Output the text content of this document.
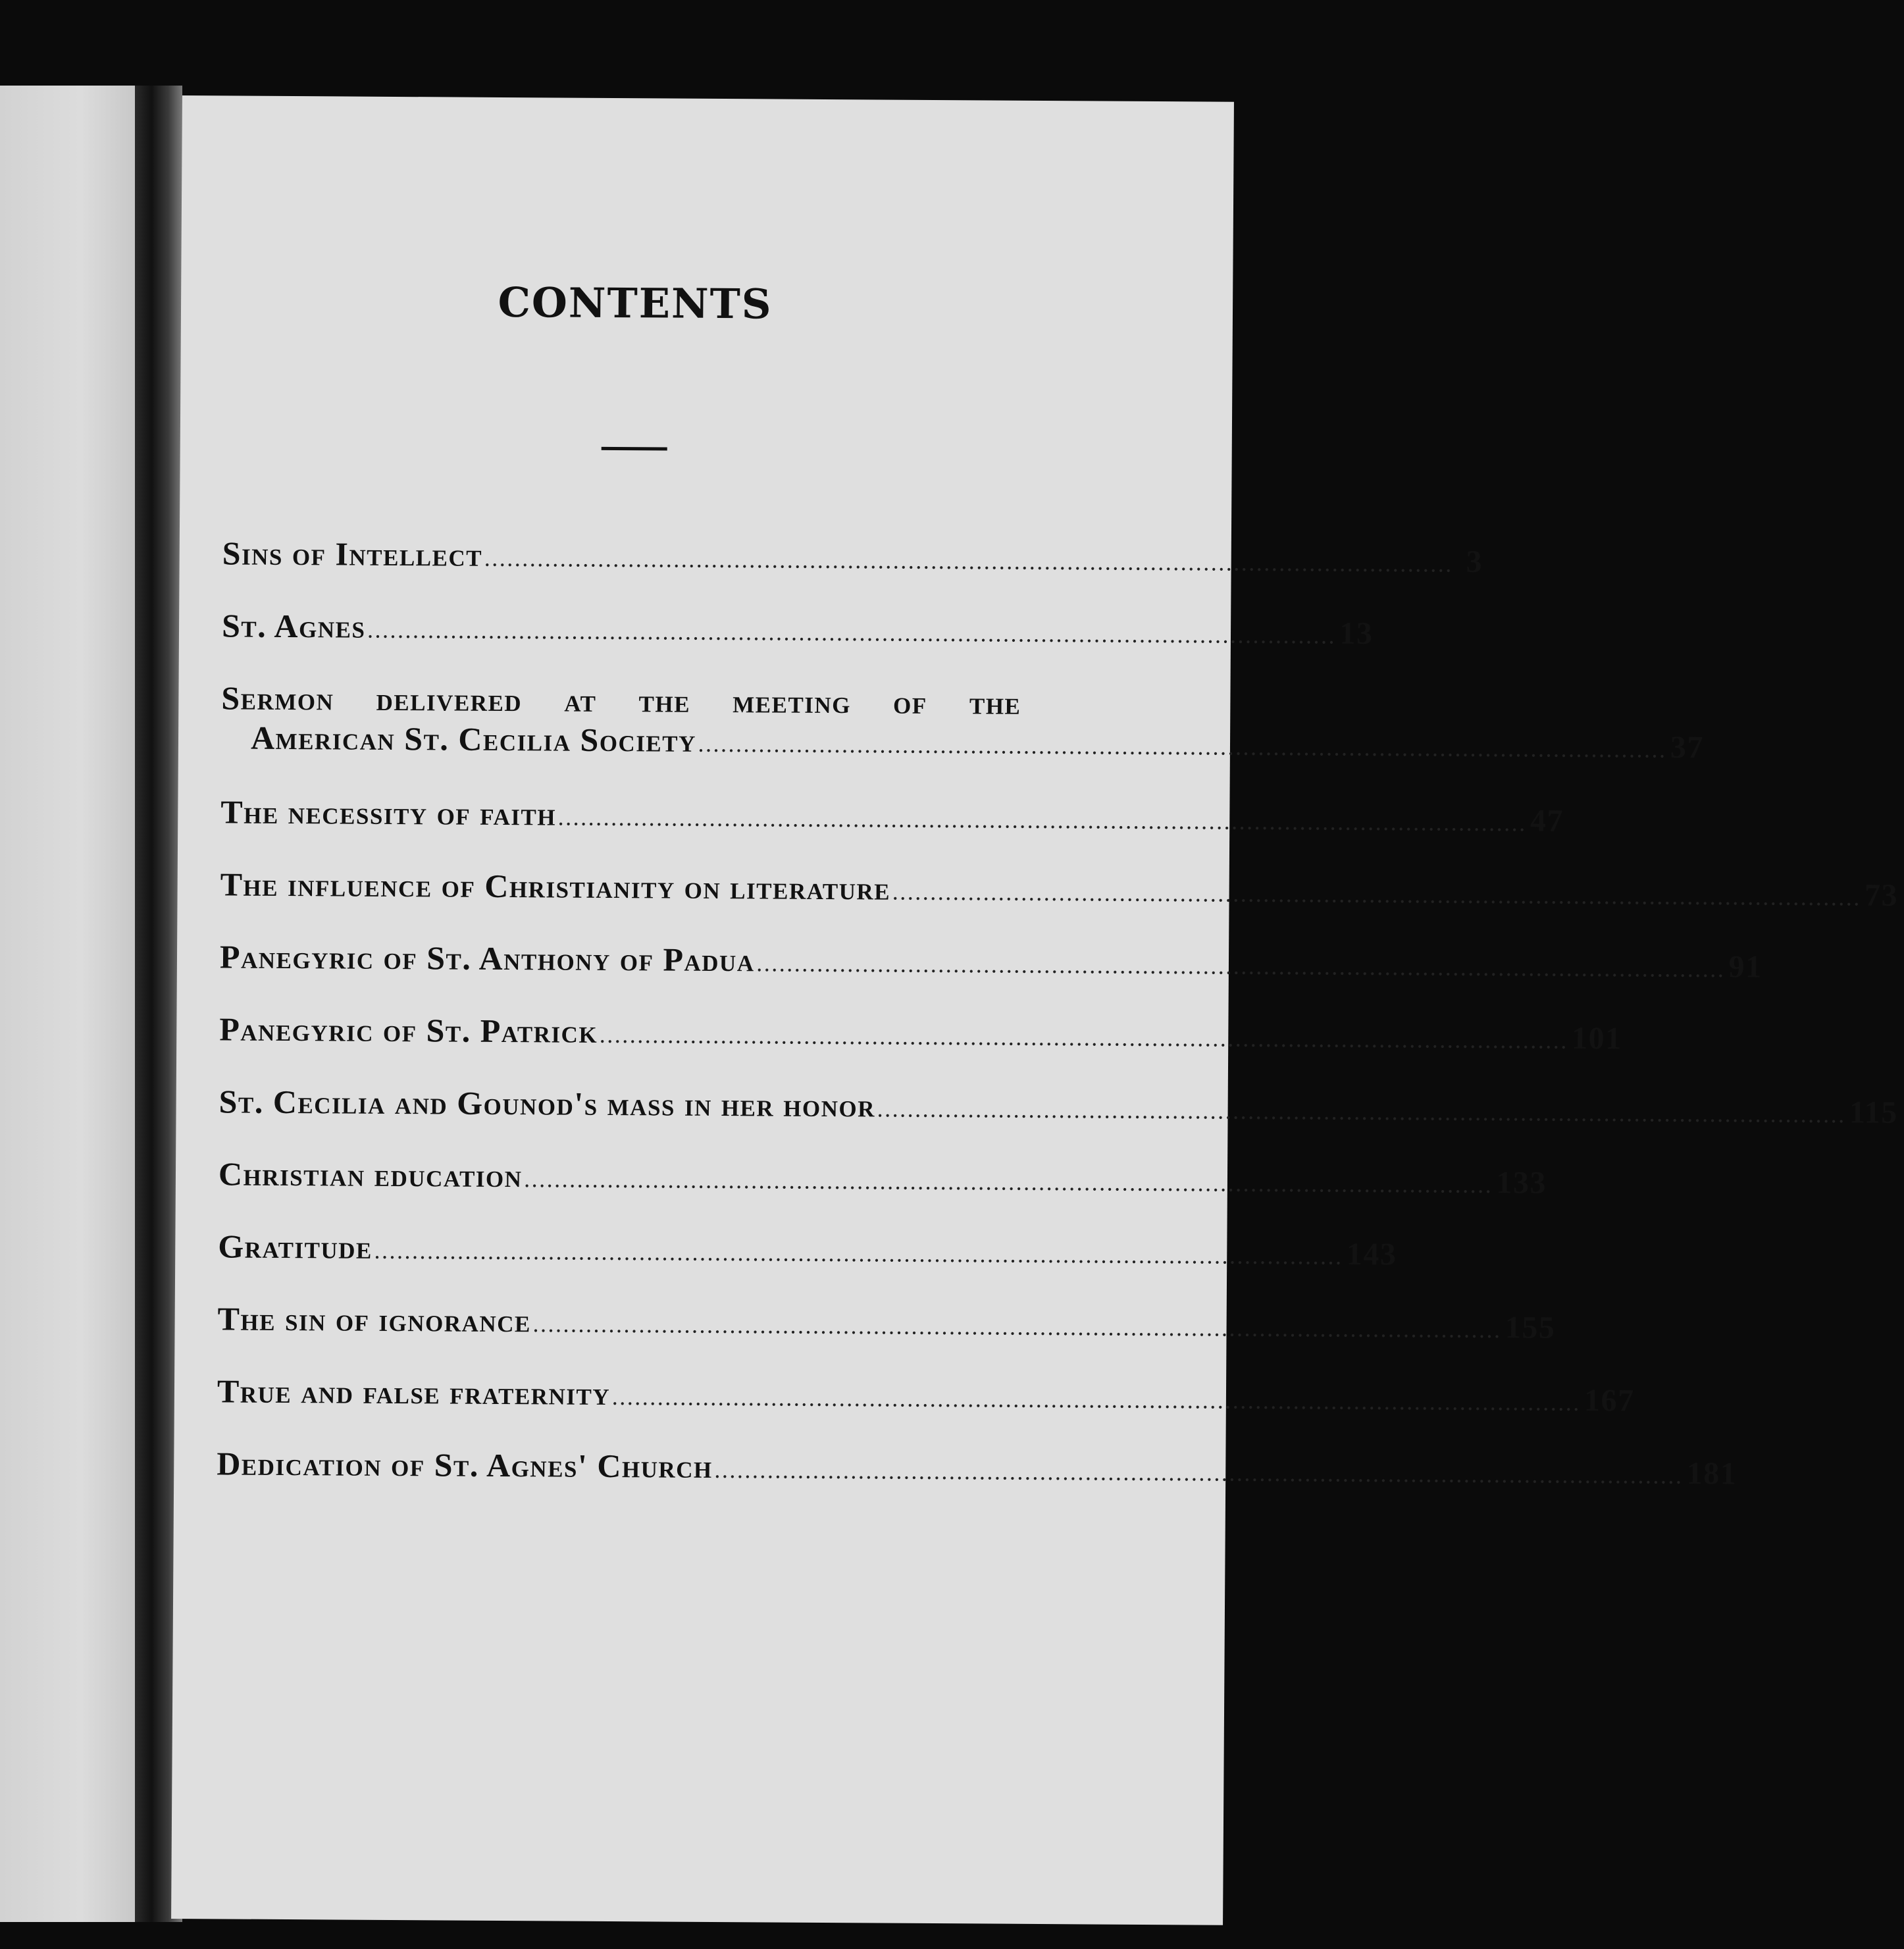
CONTENTS
Sins of Intellect ................................................................................................................................ 3
St. Agnes ................................................................................................................................ 13
Sermon delivered at the meeting of the
American St. Cecilia Society ................................................................................................................................ 37
The necessity of faith ................................................................................................................................ 47
The influence of Christianity on literature ................................................................................................................................ 73
Panegyric of St. Anthony of Padua ................................................................................................................................ 91
Panegyric of St. Patrick ................................................................................................................................ 101
St. Cecilia and Gounod's mass in her honor ................................................................................................................................ 115
Christian education ................................................................................................................................ 133
Gratitude ................................................................................................................................ 143
The sin of ignorance ................................................................................................................................ 155
True and false fraternity ................................................................................................................................ 167
Dedication of St. Agnes' Church ................................................................................................................................ 181
